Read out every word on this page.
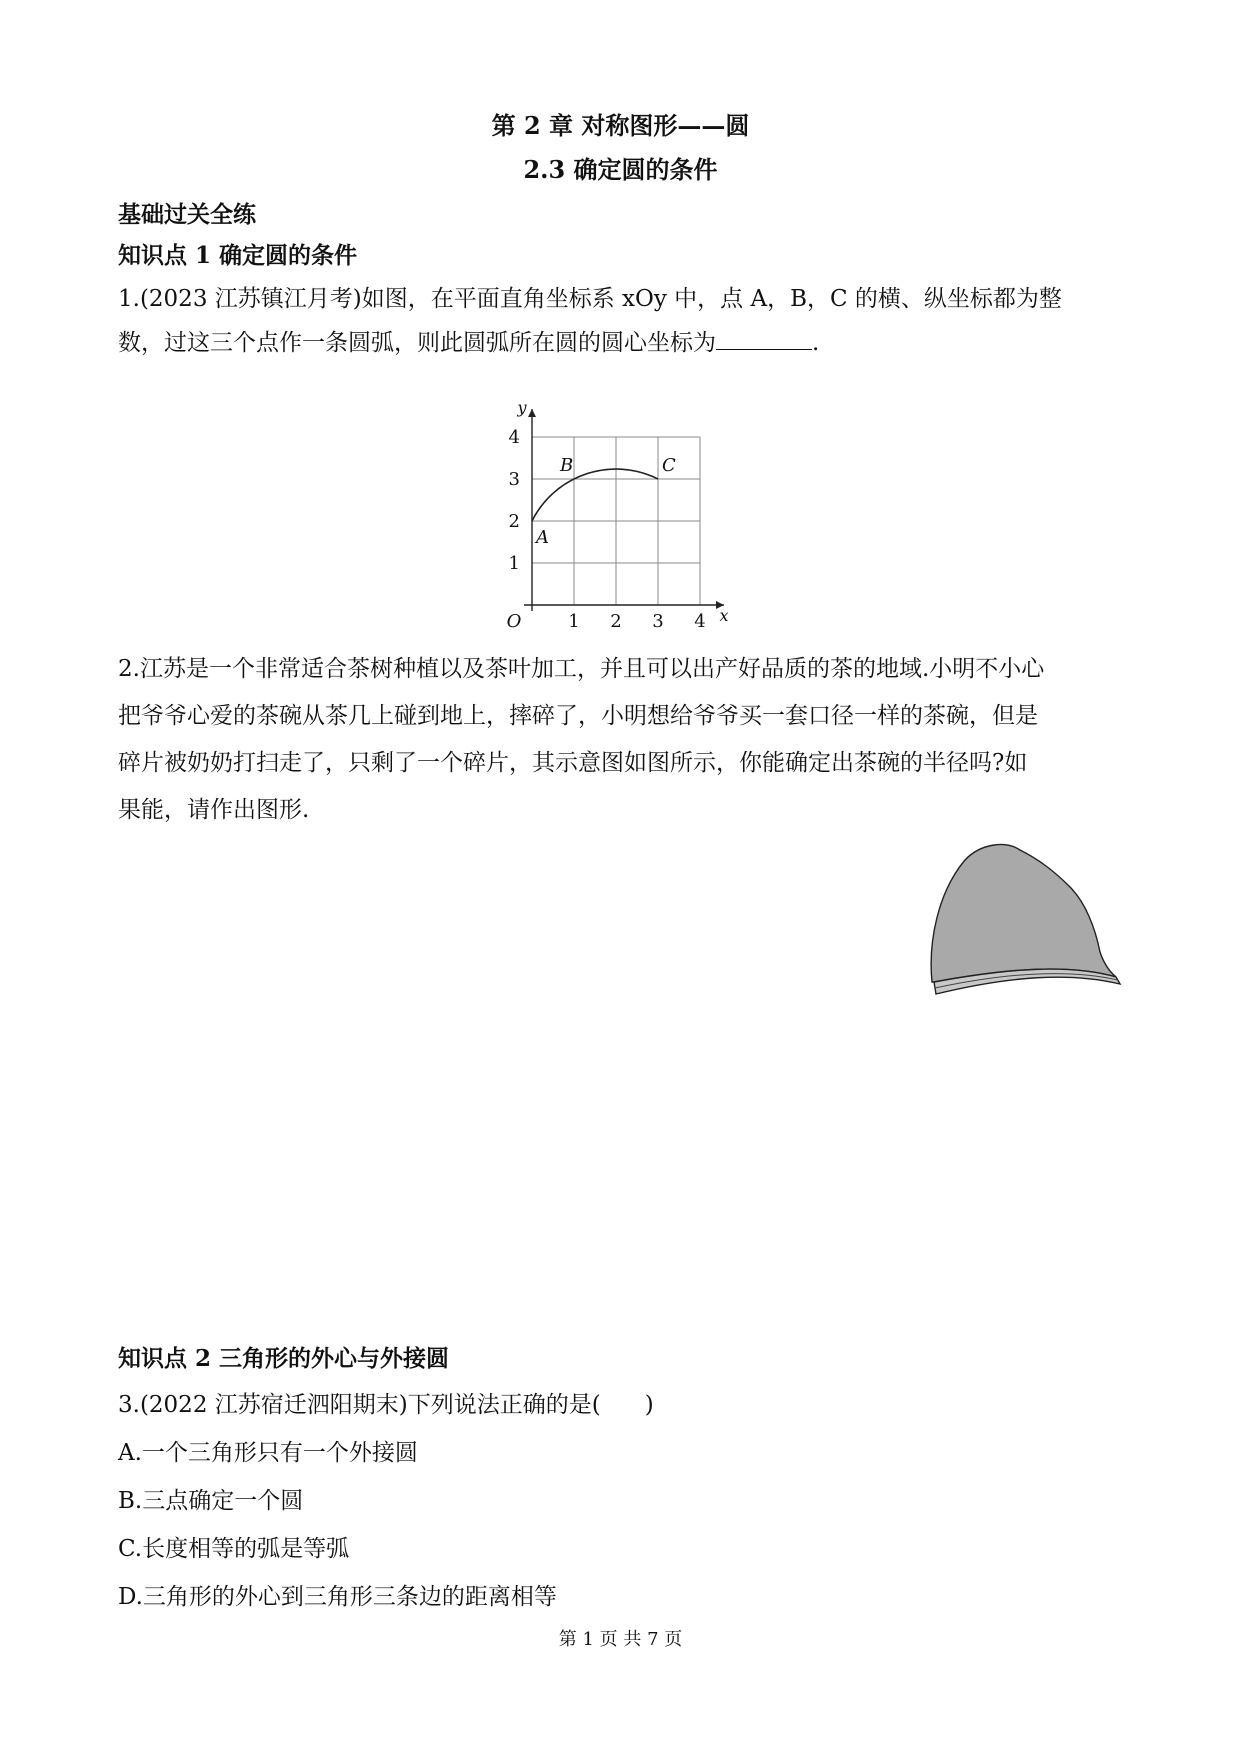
第 2 章 对称图形——圆
2.3 确定圆的条件
基础过关全练
知识点 1 确定圆的条件
1.(2023 江苏镇江月考)如图，在平面直角坐标系 xOy 中，点 A，B，C 的横、纵坐标都为整
数，过这三个点作一条圆弧，则此圆弧所在圆的圆心坐标为	.
1 2 3 4
1
2
3
4
O	x
y
A
B	C
2.江苏是一个非常适合茶树种植以及茶叶加工，并且可以出产好品质的茶的地域.小明不小心
把爷爷心爱的茶碗从茶几上碰到地上，摔碎了，小明想给爷爷买一套口径一样的茶碗，但是
碎片被奶奶打扫走了，只剩了一个碎片，其示意图如图所示，你能确定出茶碗的半径吗?如
果能，请作出图形.
知识点 2 三角形的外心与外接圆
3.(2022 江苏宿迁泗阳期末)下列说法正确的是( )
A.一个三角形只有一个外接圆
B.三点确定一个圆
C.长度相等的弧是等弧
D.三角形的外心到三角形三条边的距离相等
第 1 页 共 7 页
